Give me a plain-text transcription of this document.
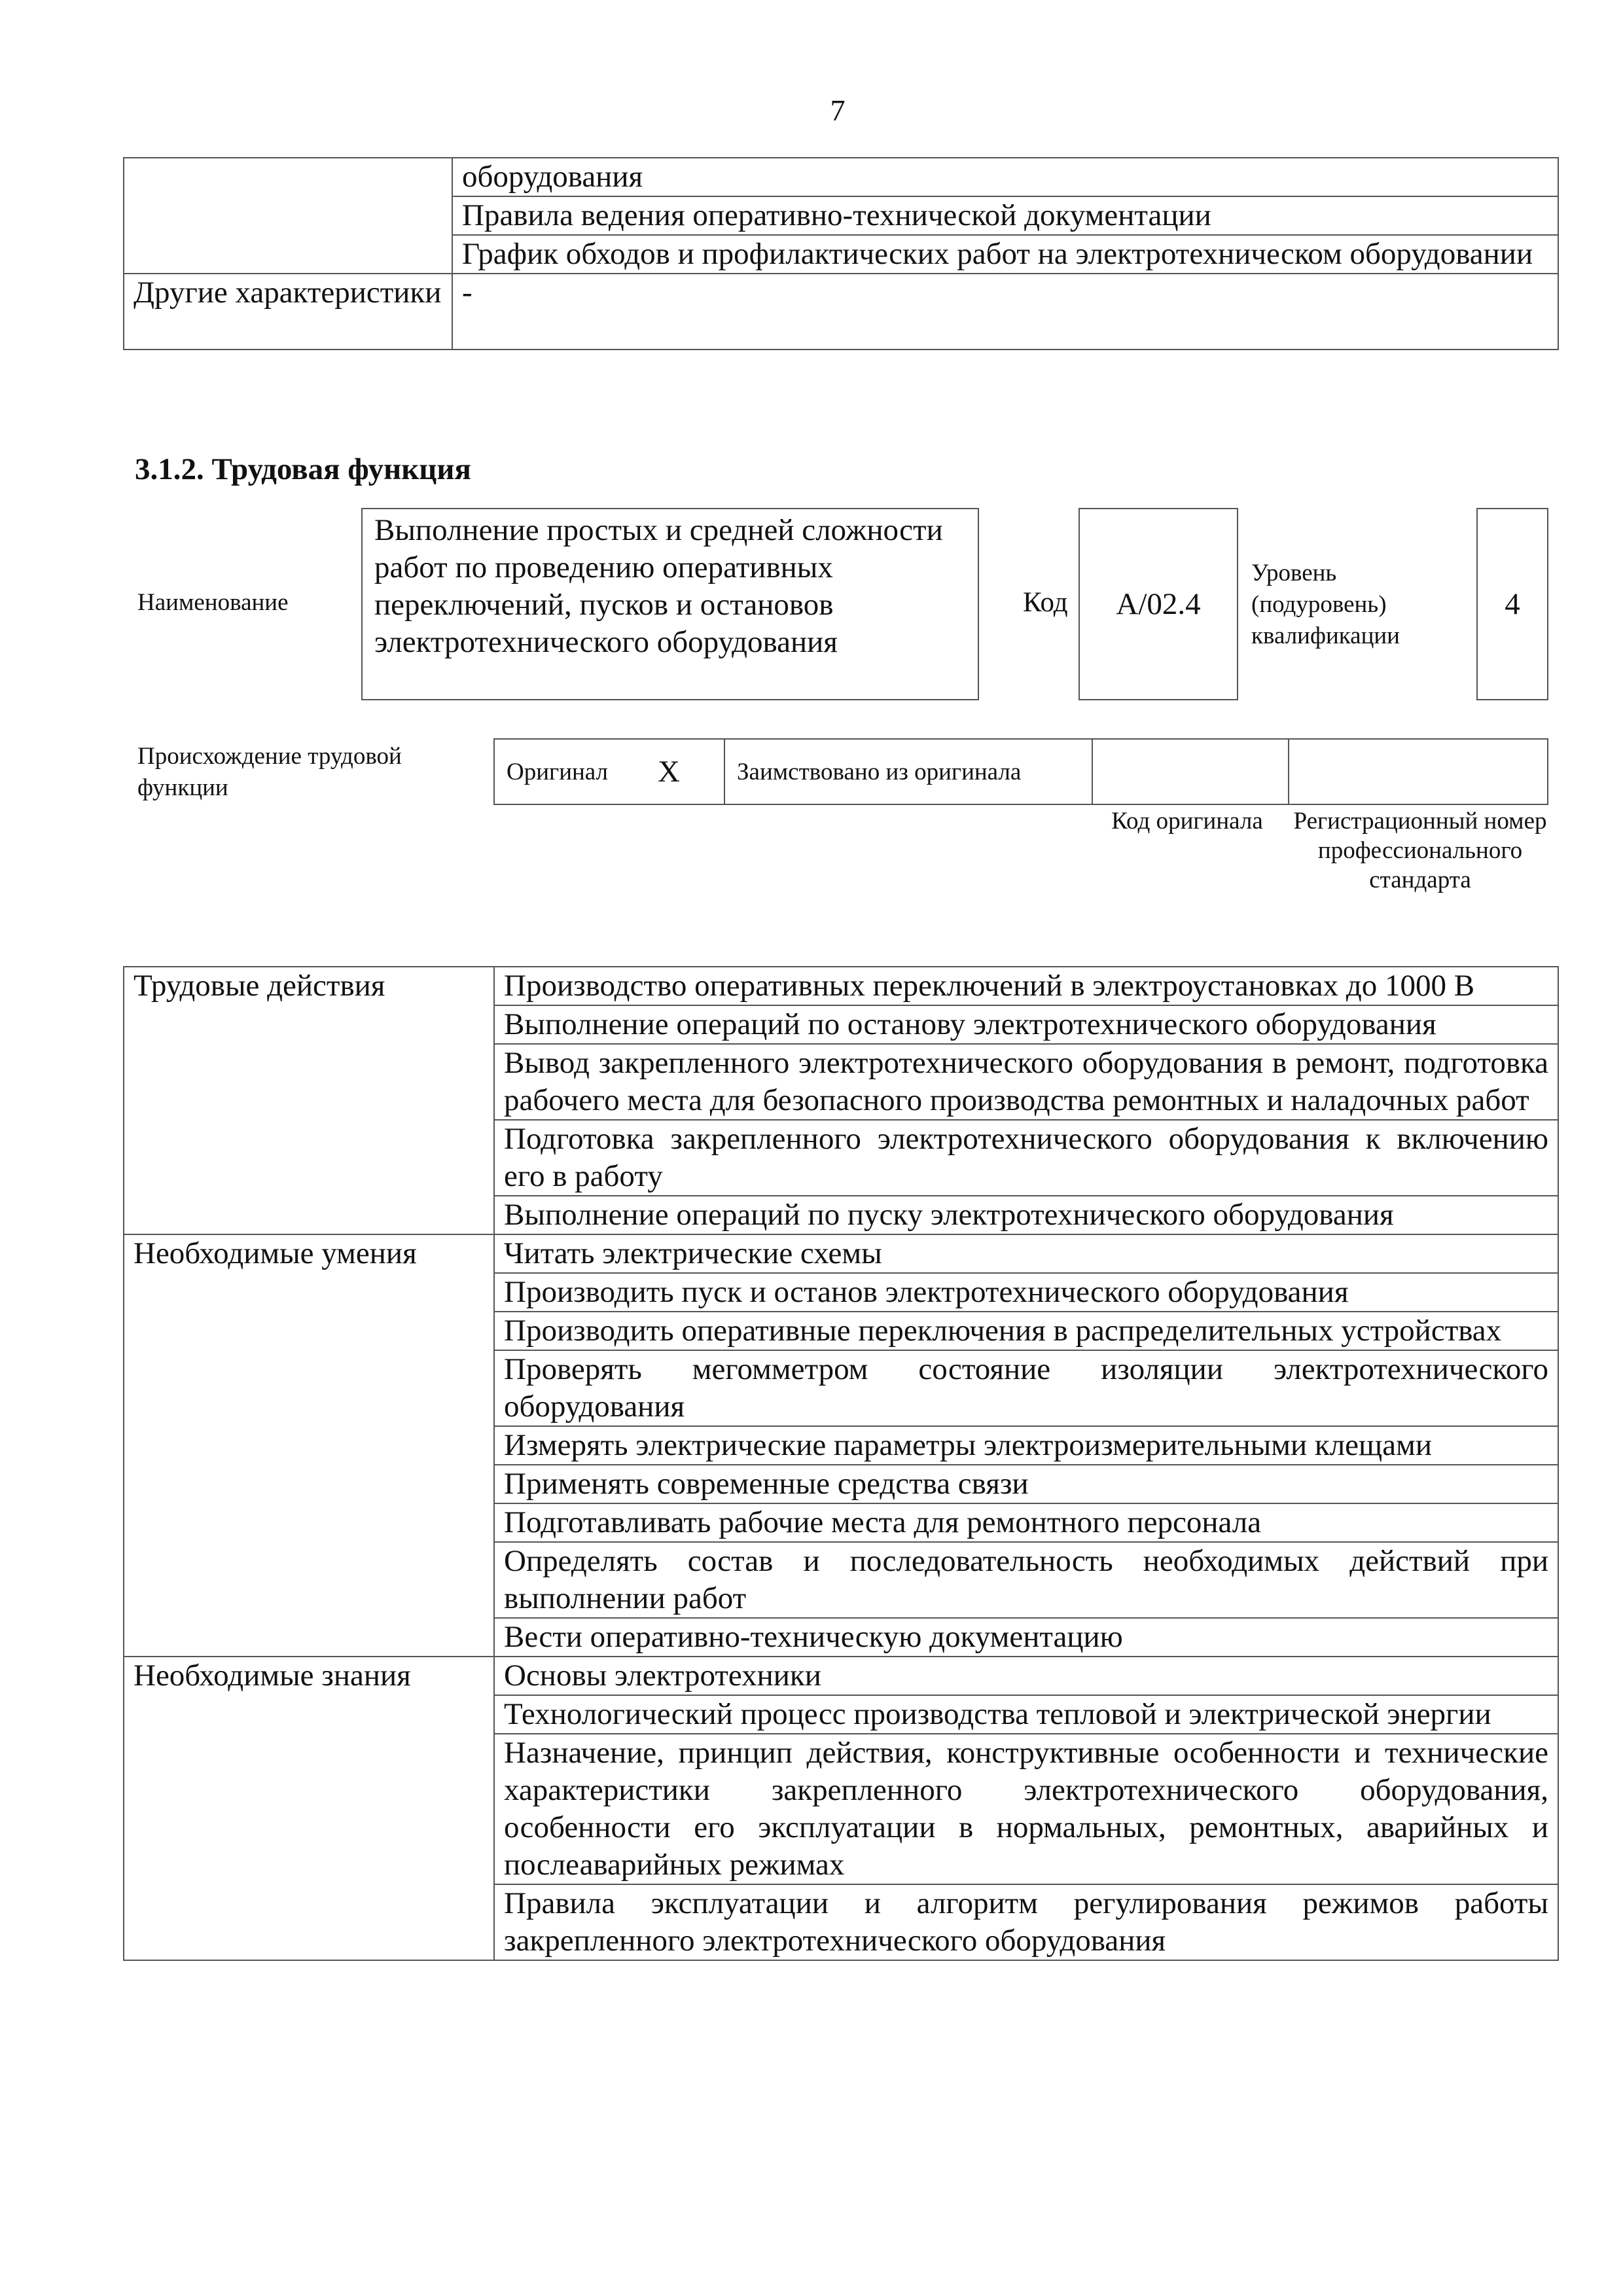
7
	оборудования
	Правила ведения оперативно-технической документации
	График обходов и профилактических работ на электротехническом оборудовании
Другие характеристики	-
3.1.2. Трудовая функция
Наименование
Выполнение простых и средней сложности работ по проведению оперативных переключений, пусков и остановов электротехнического оборудования
Код	A/02.4
Уровень (подуровень) квалификации
4
Происхождение трудовой функции
Оригинал X	Заимствовано из оригинала
Код оригинала	Регистрационный номер профессионального стандарта
Трудовые действия	Производство оперативных переключений в электроустановках до 1000 В
	Выполнение операций по останову электротехнического оборудования
	Вывод закрепленного электротехнического оборудования в ремонт, подготовка рабочего места для безопасного производства ремонтных и наладочных работ
	Подготовка закрепленного электротехнического оборудования к включению его в работу
	Выполнение операций по пуску электротехнического оборудования
Необходимые умения	Читать электрические схемы
	Производить пуск и останов электротехнического оборудования
	Производить оперативные переключения в распределительных устройствах
	Проверять мегомметром состояние изоляции электротехнического оборудования
	Измерять электрические параметры электроизмерительными клещами
	Применять современные средства связи
	Подготавливать рабочие места для ремонтного персонала
	Определять состав и последовательность необходимых действий при выполнении работ
	Вести оперативно-техническую документацию
Необходимые знания	Основы электротехники
	Технологический процесс производства тепловой и электрической энергии
	Назначение, принцип действия, конструктивные особенности и технические характеристики закрепленного электротехнического оборудования, особенности его эксплуатации в нормальных, ремонтных, аварийных и послеаварийных режимах
	Правила эксплуатации и алгоритм регулирования режимов работы закрепленного электротехнического оборудования
